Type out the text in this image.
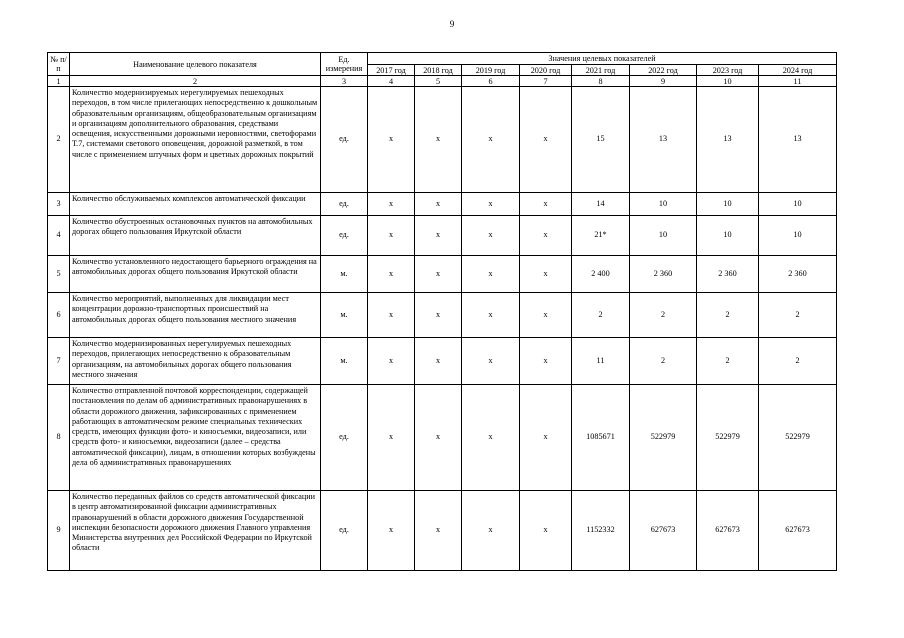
9
№ п/п	Наименование целевого показателя	Ед. измерения	Значения целевых показателей							
			2017 год	2018 год	2019 год	2020 год	2021 год	2022 год	2023 год	2024 год
1	2	3	4	5	6	7	8	9	10	11
2	Количество модернизируемых нерегулируемых пешеходных переходов, в том числе прилегающих непосредственно к дошкольным образовательным организациям, общеобразовательным организациям и организациям дополнительного образования, средствами освещения, искусственными дорожными неровностями, светофорами Т.7, системами светового оповещения, дорожной разметкой, в том числе с применением штучных форм и цветных дорожных покрытий	ед.	x	x	x	x	15	13	13	13
3	Количество обслуживаемых комплексов автоматической фиксации	ед.	x	x	x	x	14	10	10	10
4	Количество обустроенных остановочных пунктов на автомобильных дорогах общего пользования Иркутской области	ед.	x	x	x	x	21*	10	10	10
5	Количество установленного недостающего барьерного ограждения на автомобильных дорогах общего пользования Иркутской области	м.	x	x	x	x	2 400	2 360	2 360	2 360
6	Количество мероприятий, выполненных для ликвидации мест концентрации дорожно-транспортных происшествий на автомобильных дорогах общего пользования местного значения	м.	x	x	x	x	2	2	2	2
7	Количество модернизированных нерегулируемых пешеходных переходов, прилегающих непосредственно к образовательным организациям, на автомобильных дорогах общего пользования местного значения	м.	x	x	x	x	11	2	2	2
8	Количество отправленной почтовой корреспонденции, содержащей постановления по делам об административных правонарушениях в области дорожного движения, зафиксированных с применением работающих в автоматическом режиме специальных технических средств, имеющих функции фото- и киносъемки, видеозаписи, или средств фото- и киносъемки, видеозаписи (далее – средства автоматической фиксации), лицам, в отношении которых возбуждены дела об административных правонарушениях	ед.	x	x	x	x	1085671	522979	522979	522979
9	Количество переданных файлов со средств автоматической фиксации в центр автоматизированной фиксации административных правонарушений в области дорожного движения Государственной инспекции безопасности дорожного движения Главного управления Министерства внутренних дел Российской Федерации по Иркутской области	ед.	x	x	x	x	1152332	627673	627673	627673
